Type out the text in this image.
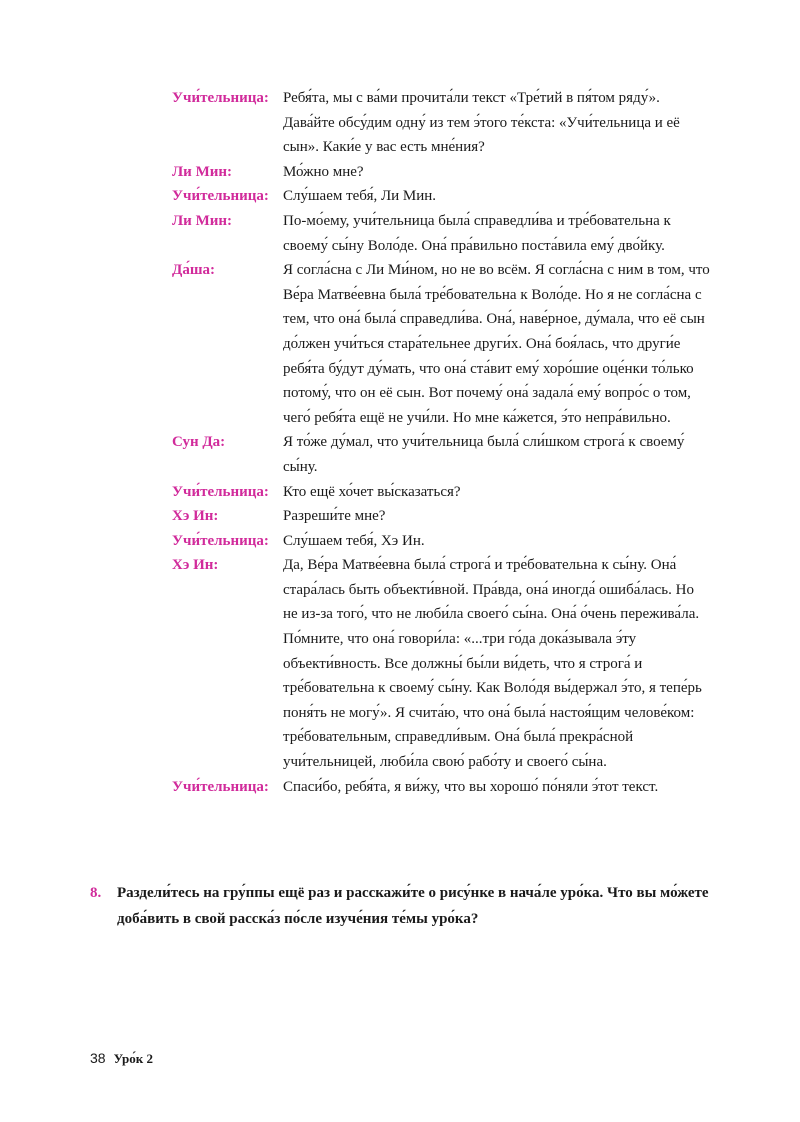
Учи́тельница: Ребя́та, мы с ва́ми прочита́ли текст «Тре́тий в пя́том ряду́». Дава́йте обсу́дим одну́ из тем э́того те́кста: «Учи́тельница и её сын». Каки́е у вас есть мне́ния?
Ли Мин:	Мо́жно мне?
Учи́тельница: Слу́шаем тебя́, Ли Мин.
Ли Мин:	По-мо́ему, учи́тельница была́ справедли́ва и тре́бовательна к своему́ сы́ну Воло́де. Она́ пра́вильно поста́вила ему́ дво́йку.
Да́ша:	Я согла́сна с Ли Ми́ном, но не во всём. Я согла́сна с ним в том, что Ве́ра Матве́евна была́ тре́бовательна к Воло́де. Но я не согла́сна с тем, что она́ была́ справедли́ва. Она́, наве́рное, ду́мала, что её сын до́лжен учи́ться стара́тельнее други́х. Она́ боя́лась, что други́е ребя́та бу́дут ду́мать, что она́ ста́вит ему́ хоро́шие оце́нки то́лько потому́, что он её сын. Вот почему́ она́ задала́ ему́ вопро́с о том, чего́ ребя́та ещё не учи́ли. Но мне ка́жется, э́то непра́вильно.
Сун Да:	Я то́же ду́мал, что учи́тельница была́ сли́шком строга́ к своему́ сы́ну.
Учи́тельница: Кто ещё хо́чет вы́сказаться?
Хэ Ин:	Разреши́те мне?
Учи́тельница: Слу́шаем тебя́, Хэ Ин.
Хэ Ин:	Да, Ве́ра Матве́евна была́ строга́ и тре́бовательна к сы́ну. Она́ стара́лась быть объекти́вной. Пра́вда, она́ иногда́ ошиба́лась. Но не из-за того́, что не люби́ла своего́ сы́на. Она́ о́чень пережива́ла. По́мните, что она́ говори́ла: «...три го́да дока́зывала э́ту объекти́вность. Все должны́ бы́ли ви́деть, что я строга́ и тре́бовательна к своему́ сы́ну. Как Воло́дя вы́держал э́то, я тепе́рь поня́ть не могу́». Я счита́ю, что она́ была́ настоя́щим челове́ком: тре́бовательным, справедли́вым. Она́ была́ прекра́сной учи́тельницей, люби́ла свою́ рабо́ту и своего́ сы́на.
Учи́тельница: Спаси́бо, ребя́та, я ви́жу, что вы хорошо́ по́няли э́тот текст.
8.	Раздели́тесь на гру́ппы ещё раз и расскажи́те о рису́нке в нача́ле уро́ка. Что вы мо́жете доба́вить в свой расска́з по́сле изуче́ния те́мы уро́ка?
38 Уро́к 2
